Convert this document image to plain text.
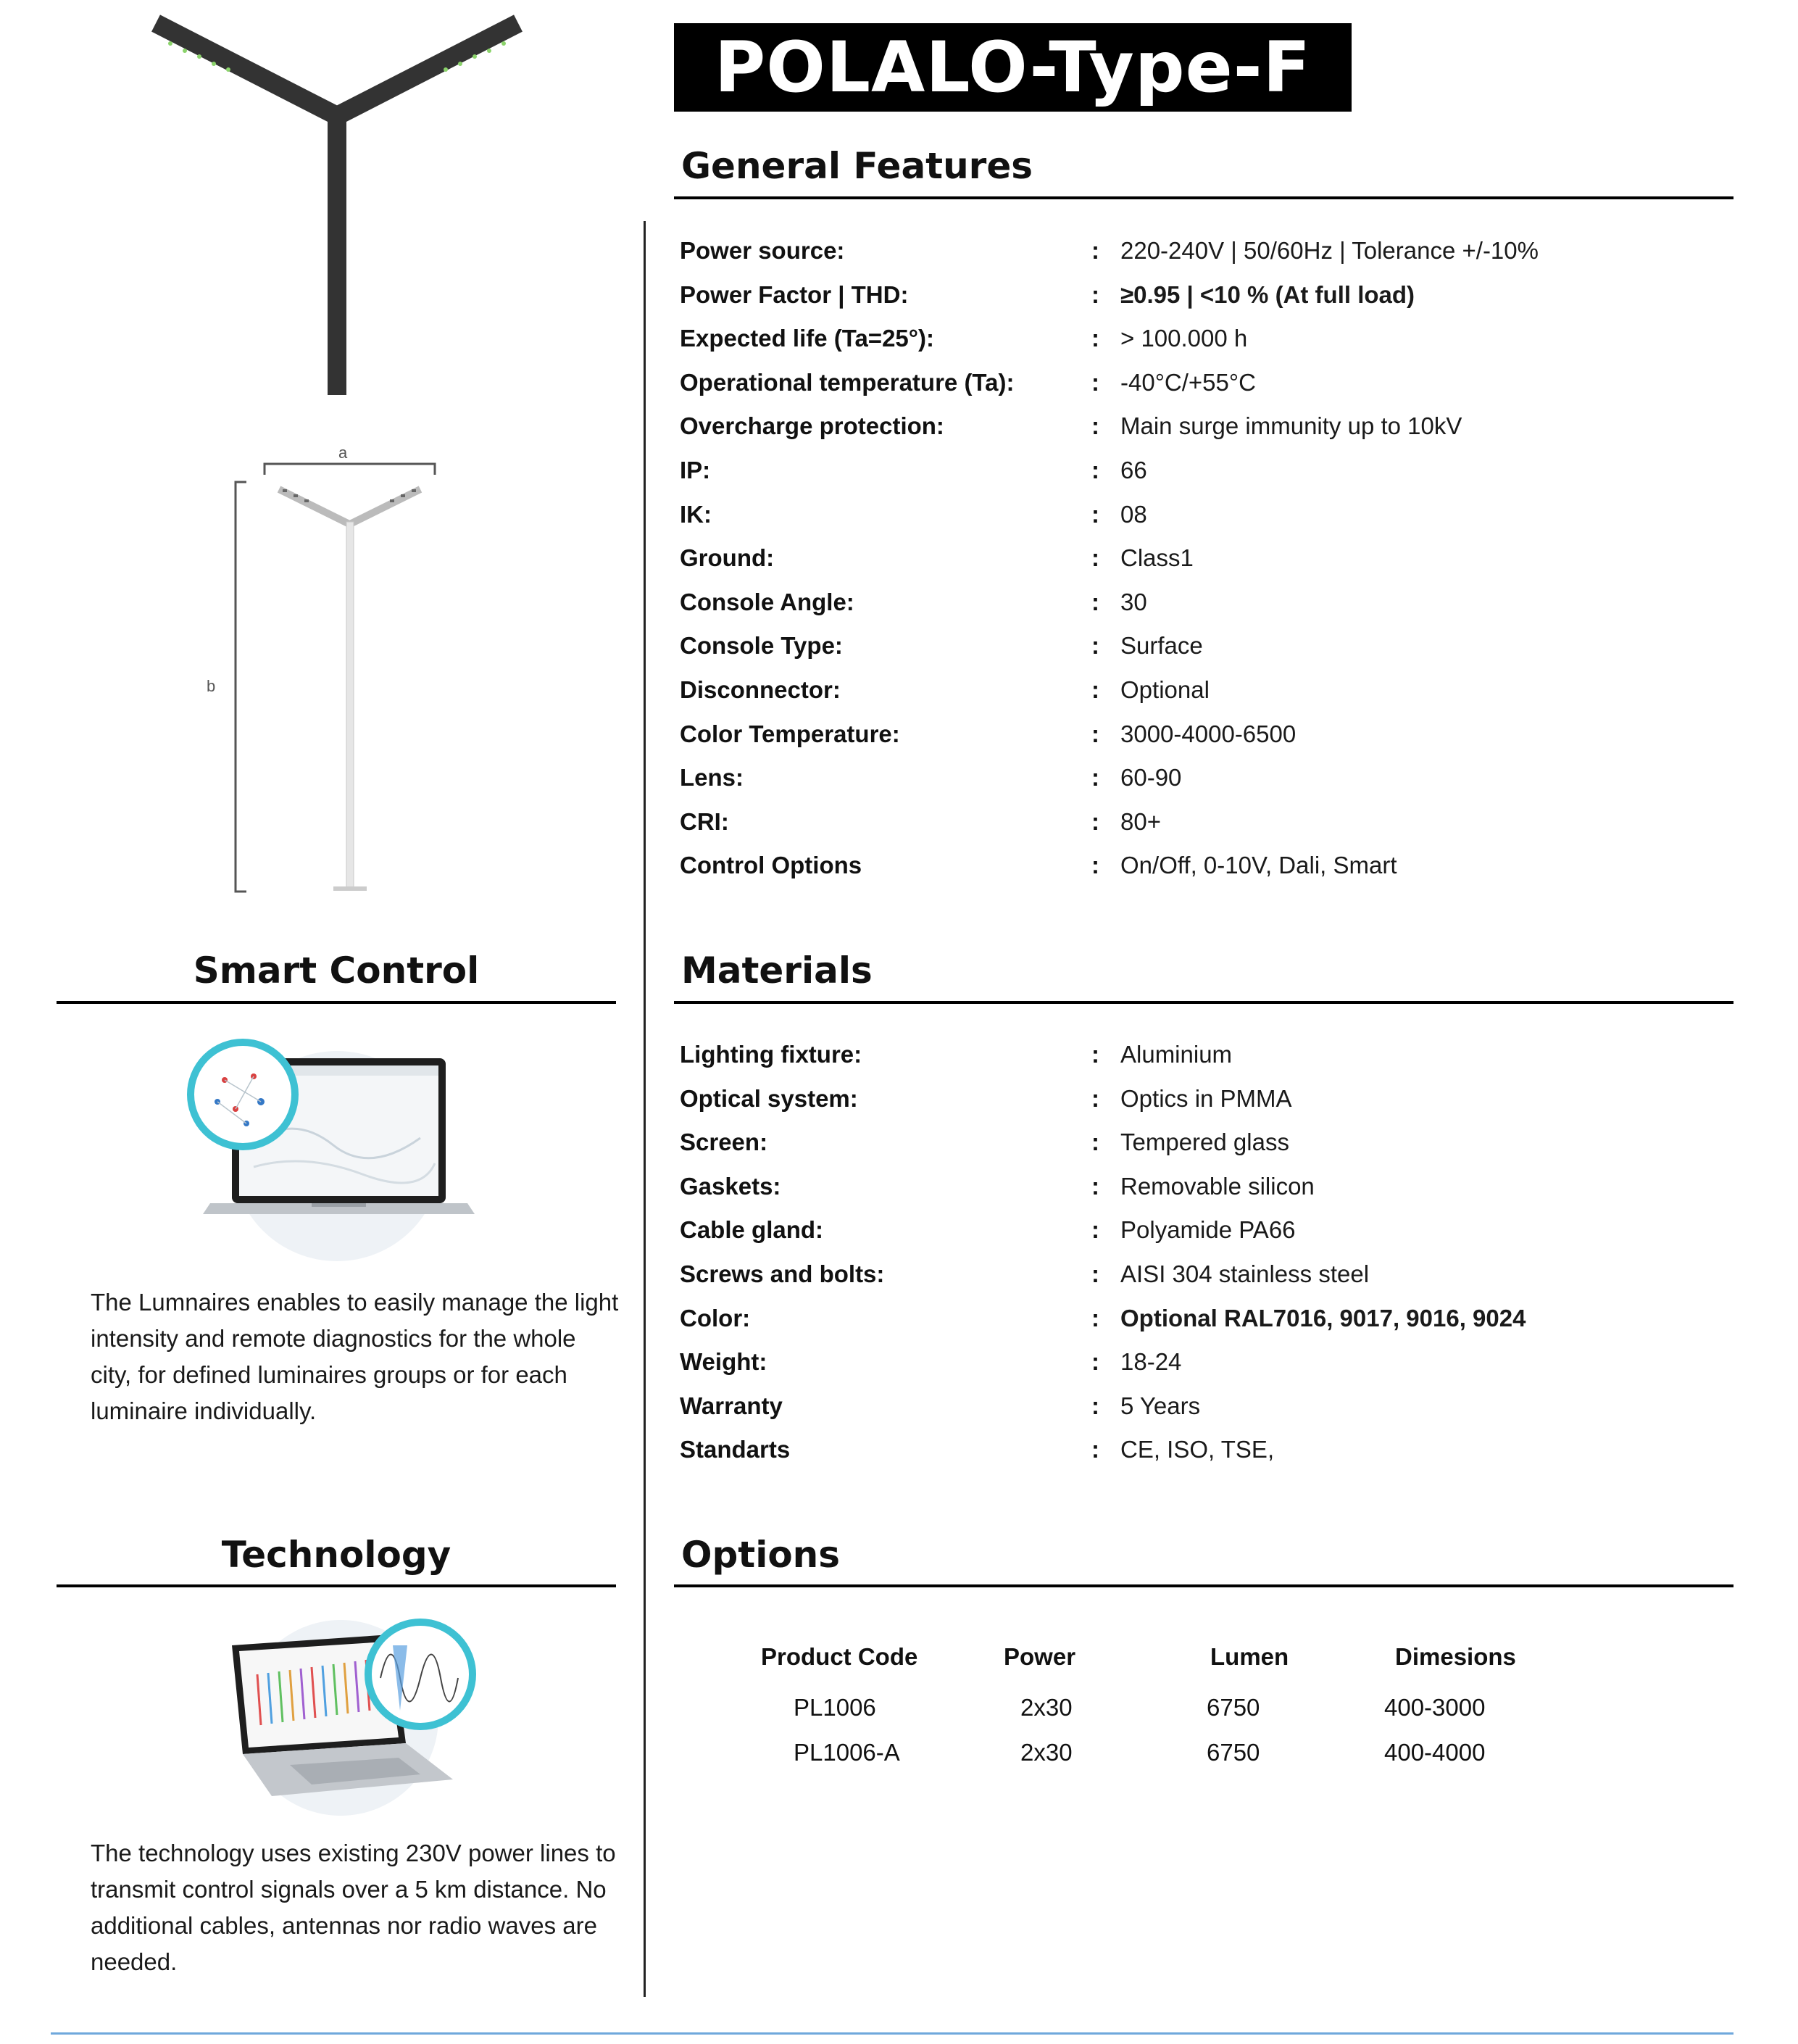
POLALO-Type-F
a
b
General Features
Power source:	: 220-240V | 50/60Hz | Tolerance +/-10%
Power Factor | THD:	: ≥0.95 | <10 % (At full load)
Expected life (Ta=25°):	: > 100.000 h
Operational temperature (Ta):	: -40°C/+55°C
Overcharge protection:	: Main surge immunity up to 10kV
IP:	: 66
IK:	: 08
Ground:	: Class1
Console Angle:	: 30
Console Type:	: Surface
Disconnector:	: Optional
Color Temperature:	: 3000-4000-6500
Lens:	: 60-90
CRI:	: 80+
Control Options	: On/Off, 0-10V, Dali, Smart
Materials
Lighting fixture:	: Aluminium
Optical system:	: Optics in PMMA
Screen:	: Tempered glass
Gaskets:	: Removable silicon
Cable gland:	: Polyamide PA66
Screws and bolts:	: AISI 304 stainless steel
Color:	: Optional RAL7016, 9017, 9016, 9024
Weight:	: 18-24
Warranty	: 5 Years
Standarts	: CE, ISO, TSE,
Options
Product Code	Power	Lumen	Dimesions
PL1006	2x30	6750	400-3000
PL1006-A	2x30	6750	400-4000
Smart Control
The Lumnaires enables to easily manage the light intensity and remote diagnostics for the whole city, for defined luminaires groups or for each luminaire individually.
Technology
The technology uses existing 230V power lines to transmit control signals over a 5 km distance. No additional cables, antennas nor radio waves are needed.
